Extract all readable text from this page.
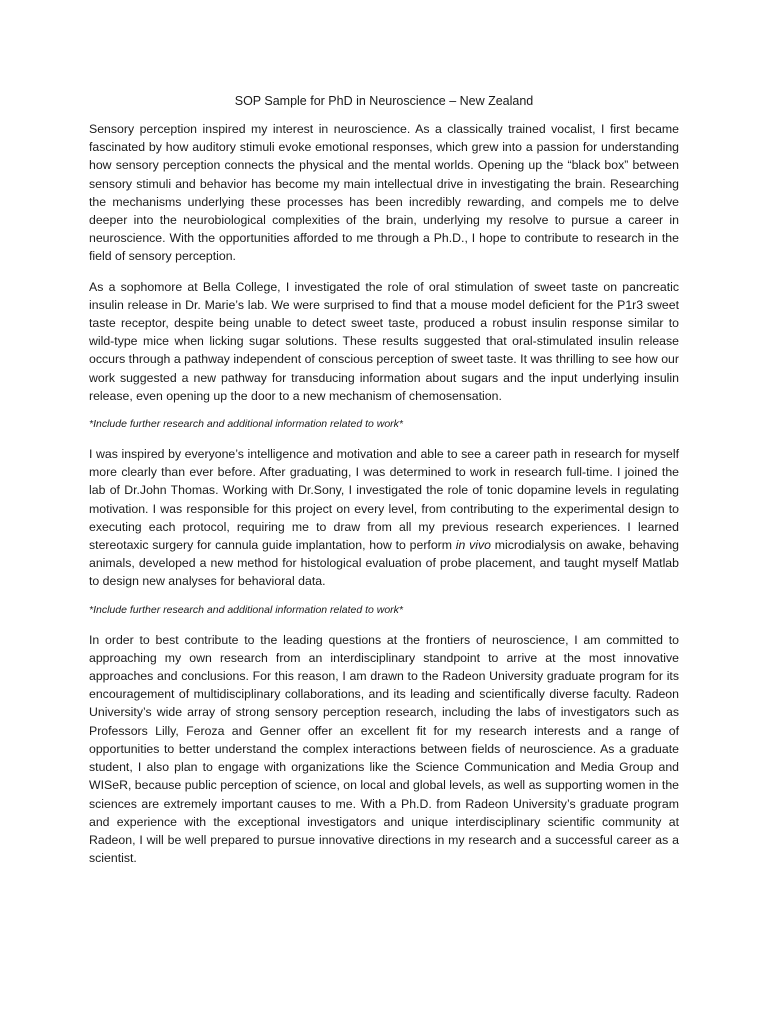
SOP Sample for PhD in Neuroscience – New Zealand

Sensory perception inspired my interest in neuroscience. As a classically trained vocalist, I first became fascinated by how auditory stimuli evoke emotional responses, which grew into a passion for understanding how sensory perception connects the physical and the mental worlds. Opening up the “black box” between sensory stimuli and behavior has become my main intellectual drive in investigating the brain. Researching the mechanisms underlying these processes has been incredibly rewarding, and compels me to delve deeper into the neurobiological complexities of the brain, underlying my resolve to pursue a career in neuroscience. With the opportunities afforded to me through a Ph.D., I hope to contribute to research in the field of sensory perception.

As a sophomore at Bella College, I investigated the role of oral stimulation of sweet taste on pancreatic insulin release in Dr. Marie’s lab. We were surprised to find that a mouse model deficient for the P1r3 sweet taste receptor, despite being unable to detect sweet taste, produced a robust insulin response similar to wild-type mice when licking sugar solutions. These results suggested that oral-stimulated insulin release occurs through a pathway independent of conscious perception of sweet taste. It was thrilling to see how our work suggested a new pathway for transducing information about sugars and the input underlying insulin release, even opening up the door to a new mechanism of chemosensation.

*Include further research and additional information related to work*

I was inspired by everyone’s intelligence and motivation and able to see a career path in research for myself more clearly than ever before. After graduating, I was determined to work in research full-time. I joined the lab of Dr.John Thomas. Working with Dr.Sony, I investigated the role of tonic dopamine levels in regulating motivation. I was responsible for this project on every level, from contributing to the experimental design to executing each protocol, requiring me to draw from all my previous research experiences. I learned stereotaxic surgery for cannula guide implantation, how to perform in vivo microdialysis on awake, behaving animals, developed a new method for histological evaluation of probe placement, and taught myself Matlab to design new analyses for behavioral data.

*Include further research and additional information related to work*

In order to best contribute to the leading questions at the frontiers of neuroscience, I am committed to approaching my own research from an interdisciplinary standpoint to arrive at the most innovative approaches and conclusions. For this reason, I am drawn to the Radeon University graduate program for its encouragement of multidisciplinary collaborations, and its leading and scientifically diverse faculty. Radeon University’s wide array of strong sensory perception research, including the labs of investigators such as Professors Lilly, Feroza and Genner offer an excellent fit for my research interests and a range of opportunities to better understand the complex interactions between fields of neuroscience. As a graduate student, I also plan to engage with organizations like the Science Communication and Media Group and WISeR, because public perception of science, on local and global levels, as well as supporting women in the sciences are extremely important causes to me. With a Ph.D. from Radeon University’s graduate program and experience with the exceptional investigators and unique interdisciplinary scientific community at Radeon, I will be well prepared to pursue innovative directions in my research and a successful career as a scientist.
